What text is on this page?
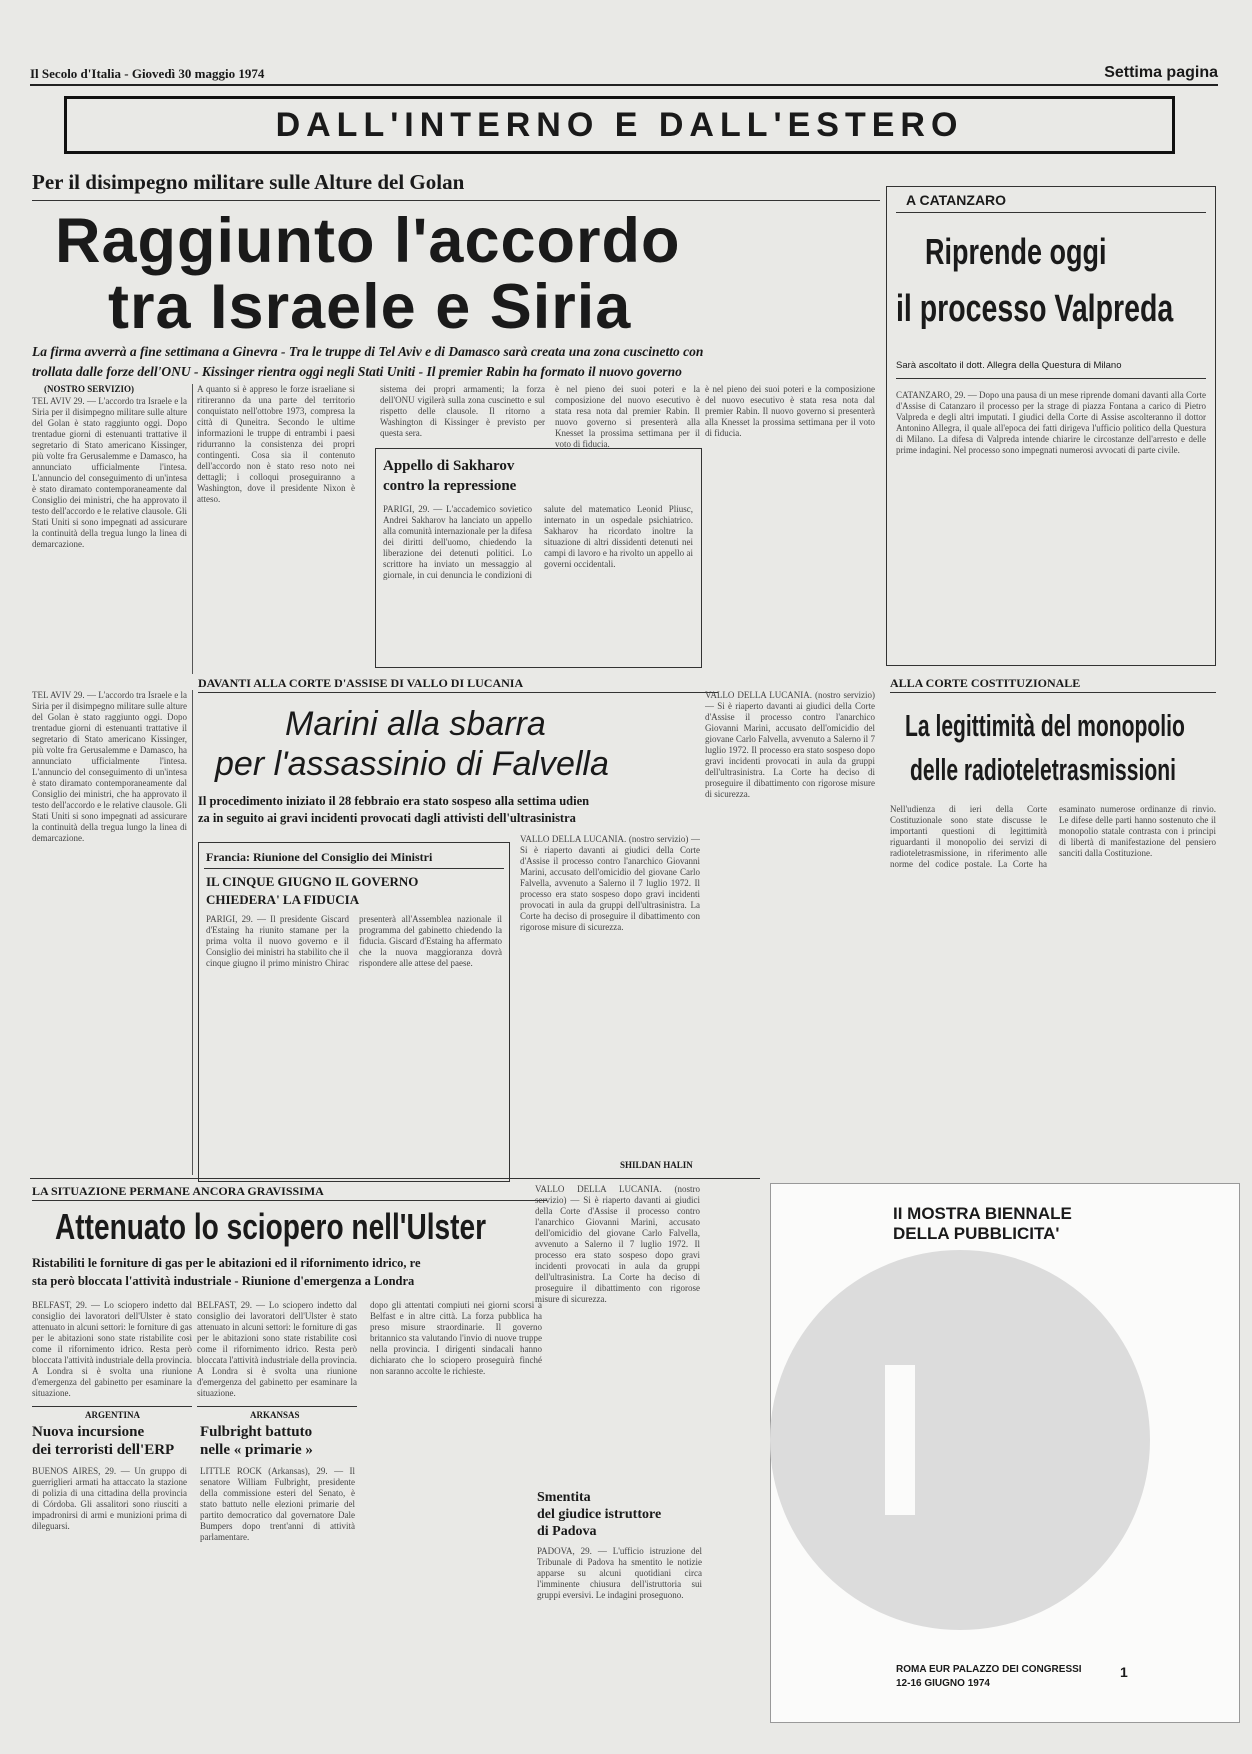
Il Secolo d'Italia - Giovedì 30 maggio 1974	Settima pagina
DALL'INTERNO E DALL'ESTERO
Per il disimpegno militare sulle Alture del Golan
Raggiunto l'accordo
tra Israele e Siria
La firma avverrà a fine settimana a Ginevra - Tra le truppe di Tel Aviv e di Damasco sarà creata una zona cuscinetto con
trollata dalle forze dell'ONU - Kissinger rientra oggi negli Stati Uniti - Il premier Rabin ha formato il nuovo governo
(NOSTRO SERVIZIO)
TEL AVIV 29. — L'accordo tra Israele e la Siria per il disimpegno militare sulle alture del Golan è stato raggiunto oggi. Dopo trentadue giorni di estenuanti trattative il segretario di Stato americano Kissinger, più volte fra Gerusalemme e Damasco, ha annunciato ufficialmente l'intesa. L'annuncio del conseguimento di un'intesa è stato diramato contemporaneamente dal Consiglio dei ministri, che ha approvato il testo dell'accordo e le relative clausole. Gli Stati Uniti si sono impegnati ad assicurare la continuità della tregua lungo la linea di demarcazione.
A quanto si è appreso le forze israeliane si ritireranno da una parte del territorio conquistato nell'ottobre 1973, compresa la città di Quneitra. Secondo le ultime informazioni le truppe di entrambi i paesi ridurranno la consistenza dei propri contingenti. Cosa sia il contenuto dell'accordo non è stato reso noto nei dettagli; i colloqui proseguiranno a Washington, dove il presidente Nixon è atteso.
sistema dei propri armamenti; la forza dell'ONU vigilerà sulla zona cuscinetto e sul rispetto delle clausole. Il ritorno a Washington di Kissinger è previsto per questa sera.
è nel pieno dei suoi poteri e la composizione del nuovo esecutivo è stata resa nota dal premier Rabin. Il nuovo governo si presenterà alla Knesset la prossima settimana per il voto di fiducia.
Appello di Sakharov
contro la repressione
PARIGI, 29. — L'accademico sovietico Andrei Sakharov ha lanciato un appello alla comunità internazionale per la difesa dei diritti dell'uomo, chiedendo la liberazione dei detenuti politici. Lo scrittore ha inviato un messaggio al giornale, in cui denuncia le condizioni di salute del matematico Leonid Pliusc, internato in un ospedale psichiatrico. Sakharov ha ricordato inoltre la situazione di altri dissidenti detenuti nei campi di lavoro e ha rivolto un appello ai governi occidentali.
è nel pieno dei suoi poteri e la composizione del nuovo esecutivo è stata resa nota dal premier Rabin. Il nuovo governo si presenterà alla Knesset la prossima settimana per il voto di fiducia.
A CATANZARO
Riprende oggi
il processo Valpreda
Sarà ascoltato il dott. Allegra della Questura di Milano
CATANZARO, 29. — Dopo una pausa di un mese riprende domani davanti alla Corte d'Assise di Catanzaro il processo per la strage di piazza Fontana a carico di Pietro Valpreda e degli altri imputati. I giudici della Corte di Assise ascolteranno il dottor Antonino Allegra, il quale all'epoca dei fatti dirigeva l'ufficio politico della Questura di Milano. La difesa di Valpreda intende chiarire le circostanze dell'arresto e delle prime indagini. Nel processo sono impegnati numerosi avvocati di parte civile.
DAVANTI ALLA CORTE D'ASSISE DI VALLO DI LUCANIA
Marini alla sbarra
per l'assassinio di Falvella
Il procedimento iniziato il 28 febbraio era stato sospeso alla settima udien
za in seguito ai gravi incidenti provocati dagli attivisti dell'ultrasinistra
VALLO DELLA LUCANIA. (nostro servizio) — Si è riaperto davanti ai giudici della Corte d'Assise il processo contro l'anarchico Giovanni Marini, accusato dell'omicidio del giovane Carlo Falvella, avvenuto a Salerno il 7 luglio 1972. Il processo era stato sospeso dopo gravi incidenti provocati in aula da gruppi dell'ultrasinistra. La Corte ha deciso di proseguire il dibattimento con rigorose misure di sicurezza.
SHILDAN HALIN
TEL AVIV 29. — L'accordo tra Israele e la Siria per il disimpegno militare sulle alture del Golan è stato raggiunto oggi. Dopo trentadue giorni di estenuanti trattative il segretario di Stato americano Kissinger, più volte fra Gerusalemme e Damasco, ha annunciato ufficialmente l'intesa. L'annuncio del conseguimento di un'intesa è stato diramato contemporaneamente dal Consiglio dei ministri, che ha approvato il testo dell'accordo e le relative clausole. Gli Stati Uniti si sono impegnati ad assicurare la continuità della tregua lungo la linea di demarcazione.
Francia: Riunione del Consiglio dei Ministri
IL CINQUE GIUGNO IL GOVERNO
CHIEDERA' LA FIDUCIA
PARIGI, 29. — Il presidente Giscard d'Estaing ha riunito stamane per la prima volta il nuovo governo e il Consiglio dei ministri ha stabilito che il cinque giugno il primo ministro Chirac presenterà all'Assemblea nazionale il programma del gabinetto chiedendo la fiducia. Giscard d'Estaing ha affermato che la nuova maggioranza dovrà rispondere alle attese del paese.
ALLA CORTE COSTITUZIONALE
La legittimità del monopolio
delle radioteletrasmissioni
Nell'udienza di ieri della Corte Costituzionale sono state discusse le importanti questioni di legittimità riguardanti il monopolio dei servizi di radioteletrasmissione, in riferimento alle norme del codice postale. La Corte ha esaminato numerose ordinanze di rinvio. Le difese delle parti hanno sostenuto che il monopolio statale contrasta con i principi di libertà di manifestazione del pensiero sanciti dalla Costituzione.
VALLO DELLA LUCANIA. (nostro servizio) — Si è riaperto davanti ai giudici della Corte d'Assise il processo contro l'anarchico Giovanni Marini, accusato dell'omicidio del giovane Carlo Falvella, avvenuto a Salerno il 7 luglio 1972. Il processo era stato sospeso dopo gravi incidenti provocati in aula da gruppi dell'ultrasinistra. La Corte ha deciso di proseguire il dibattimento con rigorose misure di sicurezza.
LA SITUAZIONE PERMANE ANCORA GRAVISSIMA
Attenuato lo sciopero nell'Ulster
Ristabiliti le forniture di gas per le abitazioni ed il rifornimento idrico, re
sta però bloccata l'attività industriale - Riunione d'emergenza a Londra
BELFAST, 29. — Lo sciopero indetto dal consiglio dei lavoratori dell'Ulster è stato attenuato in alcuni settori: le forniture di gas per le abitazioni sono state ristabilite così come il rifornimento idrico. Resta però bloccata l'attività industriale della provincia. A Londra si è svolta una riunione d'emergenza del gabinetto per esaminare la situazione.
BELFAST, 29. — Lo sciopero indetto dal consiglio dei lavoratori dell'Ulster è stato attenuato in alcuni settori: le forniture di gas per le abitazioni sono state ristabilite così come il rifornimento idrico. Resta però bloccata l'attività industriale della provincia. A Londra si è svolta una riunione d'emergenza del gabinetto per esaminare la situazione.
dopo gli attentati compiuti nei giorni scorsi a Belfast e in altre città. La forza pubblica ha preso misure straordinarie. Il governo britannico sta valutando l'invio di nuove truppe nella provincia. I dirigenti sindacali hanno dichiarato che lo sciopero proseguirà finché non saranno accolte le richieste.
ARGENTINA
Nuova incursione
dei terroristi dell'ERP
BUENOS AIRES, 29. — Un gruppo di guerriglieri armati ha attaccato la stazione di polizia di una cittadina della provincia di Córdoba. Gli assalitori sono riusciti a impadronirsi di armi e munizioni prima di dileguarsi.
ARKANSAS
Fulbright battuto
nelle « primarie »
LITTLE ROCK (Arkansas), 29. — Il senatore William Fulbright, presidente della commissione esteri del Senato, è stato battuto nelle elezioni primarie del partito democratico dal governatore Dale Bumpers dopo trent'anni di attività parlamentare.
VALLO DELLA LUCANIA. (nostro servizio) — Si è riaperto davanti ai giudici della Corte d'Assise il processo contro l'anarchico Giovanni Marini, accusato dell'omicidio del giovane Carlo Falvella, avvenuto a Salerno il 7 luglio 1972. Il processo era stato sospeso dopo gravi incidenti provocati in aula da gruppi dell'ultrasinistra. La Corte ha deciso di proseguire il dibattimento con rigorose misure di sicurezza.
Smentita
del giudice istruttore
di Padova
PADOVA, 29. — L'ufficio istruzione del Tribunale di Padova ha smentito le notizie apparse su alcuni quotidiani circa l'imminente chiusura dell'istruttoria sui gruppi eversivi. Le indagini proseguono.
II MOSTRA BIENNALE
DELLA PUBBLICITA'
ROMA EUR PALAZZO DEI CONGRESSI
12-16 GIUGNO 1974
1
